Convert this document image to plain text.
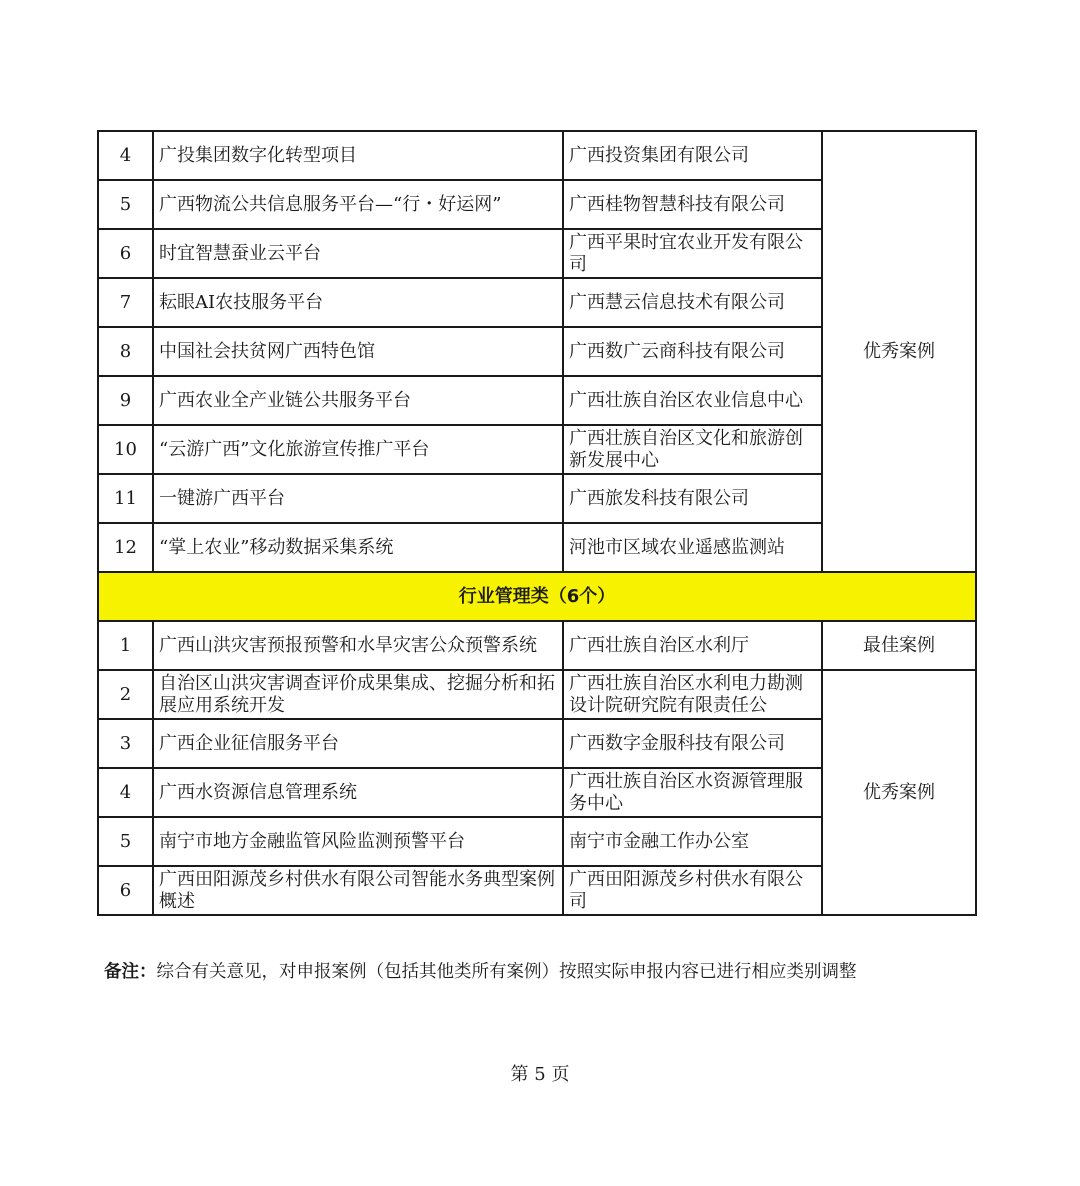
4	广投集团数字化转型项目	广西投资集团有限公司	优秀案例
5	广西物流公共信息服务平台—“行・好运网”	广西桂物智慧科技有限公司	
6	时宜智慧蚕业云平台	广西平果时宜农业开发有限公司	
7	耘眼AI农技服务平台	广西慧云信息技术有限公司	
8	中国社会扶贫网广西特色馆	广西数广云商科技有限公司	
9	广西农业全产业链公共服务平台	广西壮族自治区农业信息中心	
10	“云游广西”文化旅游宣传推广平台	广西壮族自治区文化和旅游创新发展中心	
11	一键游广西平台	广西旅发科技有限公司	
12	“掌上农业”移动数据采集系统	河池市区域农业遥感监测站	
行业管理类（6个）			
1	广西山洪灾害预报预警和水旱灾害公众预警系统	广西壮族自治区水利厅	最佳案例
2	自治区山洪灾害调查评价成果集成、挖掘分析和拓展应用系统开发	广西壮族自治区水利电力勘测设计院研究院有限责任公	优秀案例
3	广西企业征信服务平台	广西数字金服科技有限公司	
4	广西水资源信息管理系统	广西壮族自治区水资源管理服务中心	
5	南宁市地方金融监管风险监测预警平台	南宁市金融工作办公室	
6	广西田阳源茂乡村供水有限公司智能水务典型案例概述	广西田阳源茂乡村供水有限公司	
备注：综合有关意见，对申报案例（包括其他类所有案例）按照实际申报内容已进行相应类别调整
第 5 页
